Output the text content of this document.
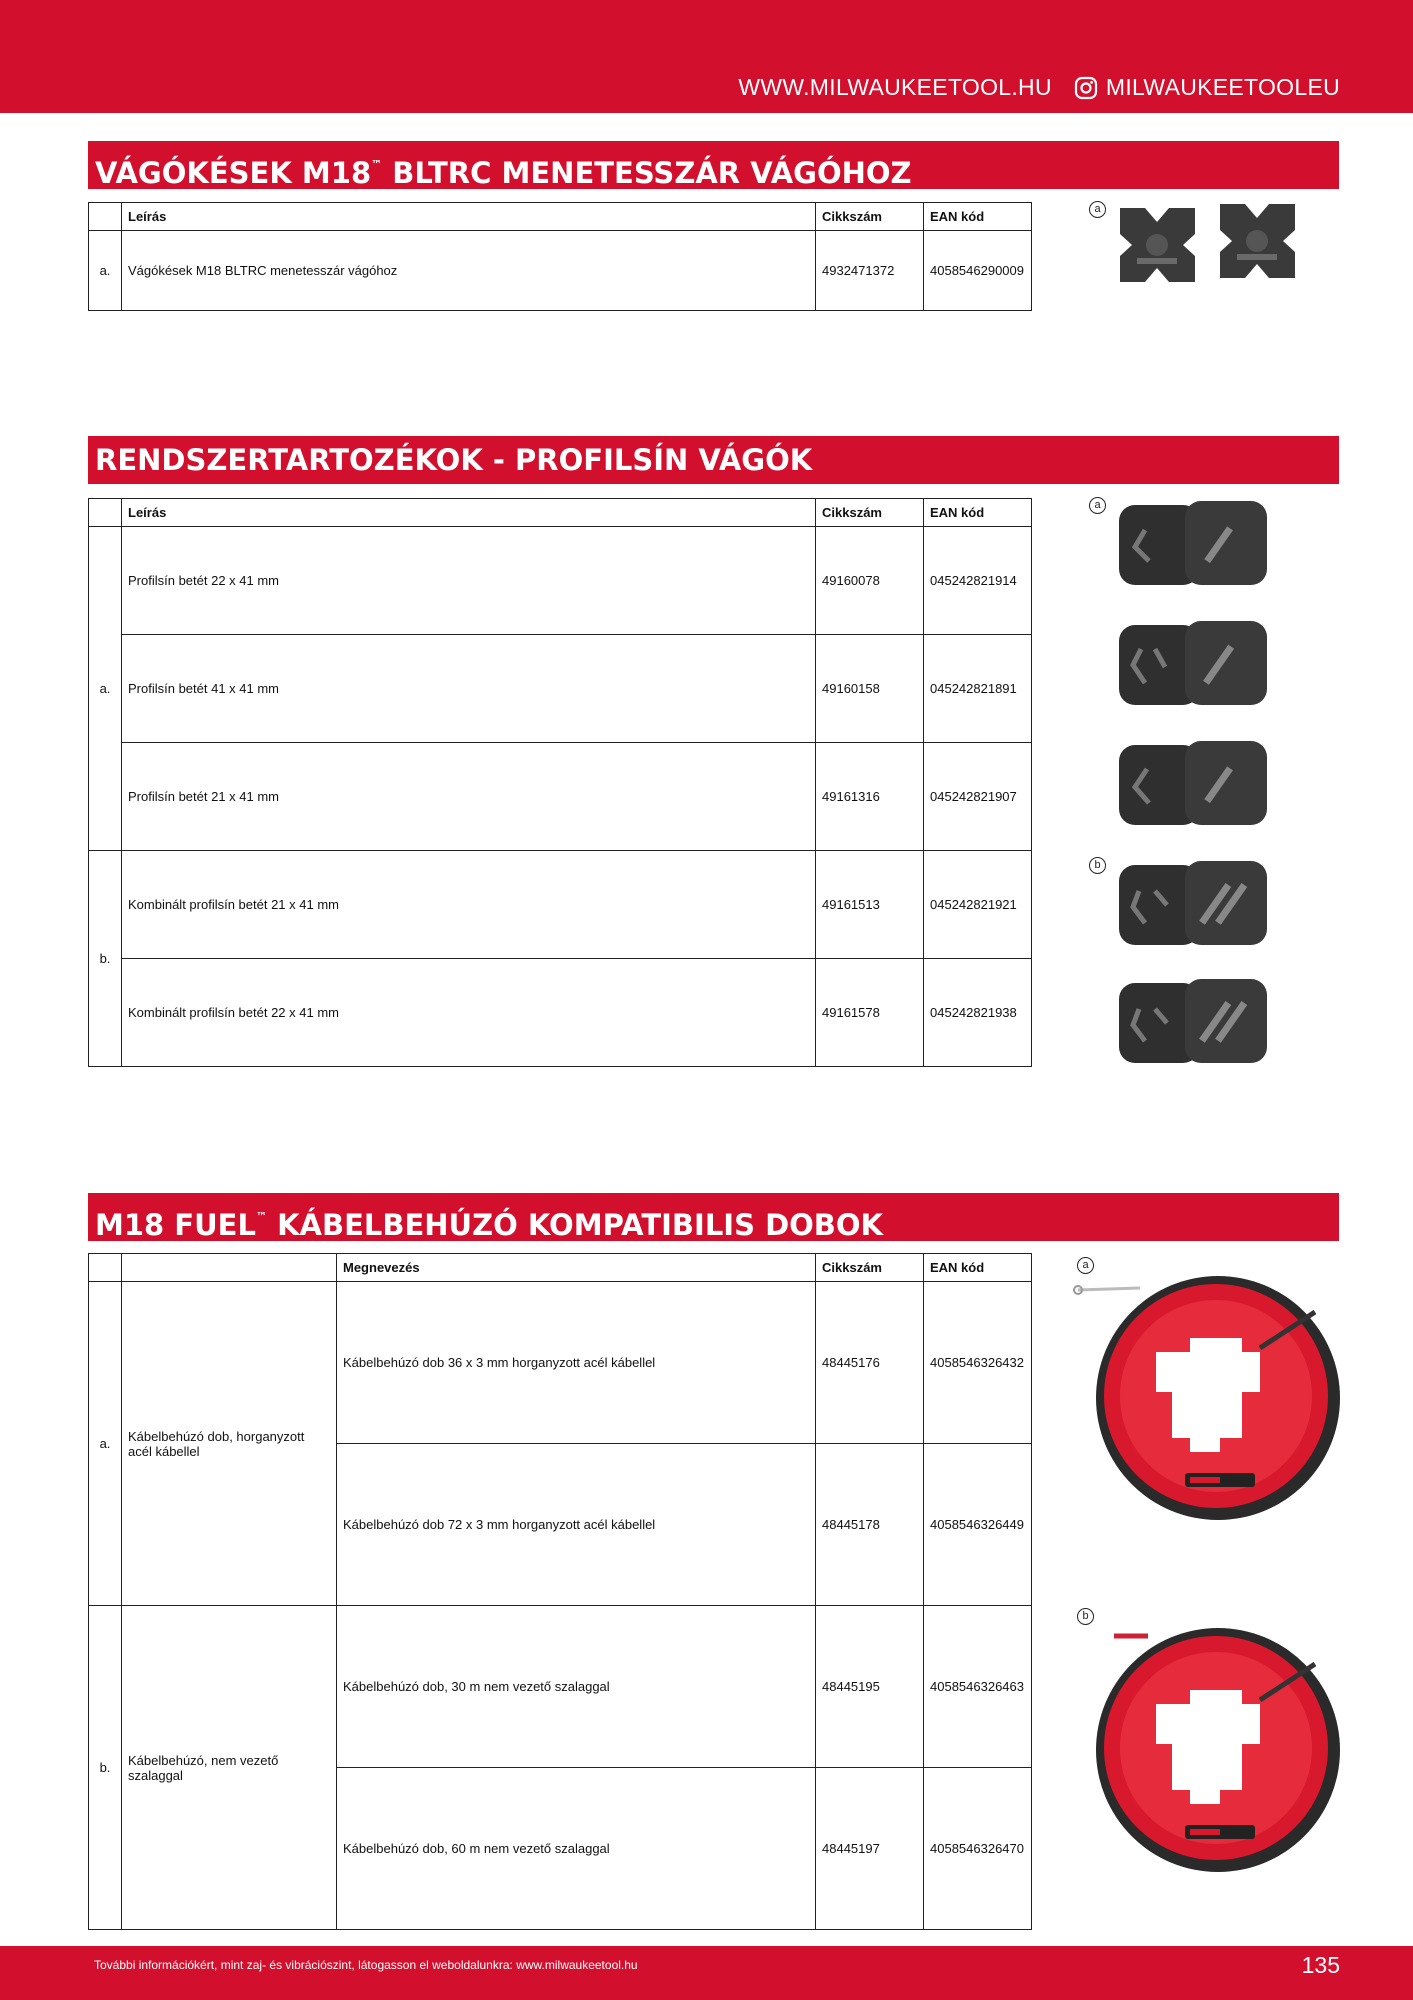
WWW.MILWAUKEETOOL.HU MILWAUKEETOOLEU
VÁGÓKÉSEK M18™ BLTRC MENETESSZÁR VÁGÓHOZ
	Leírás	Cikkszám	EAN kód
a.	Vágókések M18 BLTRC menetesszár vágóhoz	4932471372	4058546290009
a
RENDSZERTARTOZÉKOK - PROFILSÍN VÁGÓK
	Leírás	Cikkszám	EAN kód
a.	Profilsín betét 22 x 41 mm	49160078	045242821914
	Profilsín betét 41 x 41 mm	49160158	045242821891
	Profilsín betét 21 x 41 mm	49161316	045242821907
b.	Kombinált profilsín betét 21 x 41 mm	49161513	045242821921
	Kombinált profilsín betét 22 x 41 mm	49161578	045242821938
a
b
M18 FUEL™ KÁBELBEHÚZÓ KOMPATIBILIS DOBOK
		Megnevezés	Cikkszám	EAN kód
a.	Kábelbehúzó dob, horganyzott acél kábellel	Kábelbehúzó dob 36 x 3 mm horganyzott acél kábellel	48445176	4058546326432
		Kábelbehúzó dob 72 x 3 mm horganyzott acél kábellel	48445178	4058546326449
b.	Kábelbehúzó, nem vezető szalaggal	Kábelbehúzó dob, 30 m nem vezető szalaggal	48445195	4058546326463
		Kábelbehúzó dob, 60 m nem vezető szalaggal	48445197	4058546326470
a
b
További információkért, mint zaj- és vibrációszint, látogasson el weboldalunkra: www.milwaukeetool.hu	135
